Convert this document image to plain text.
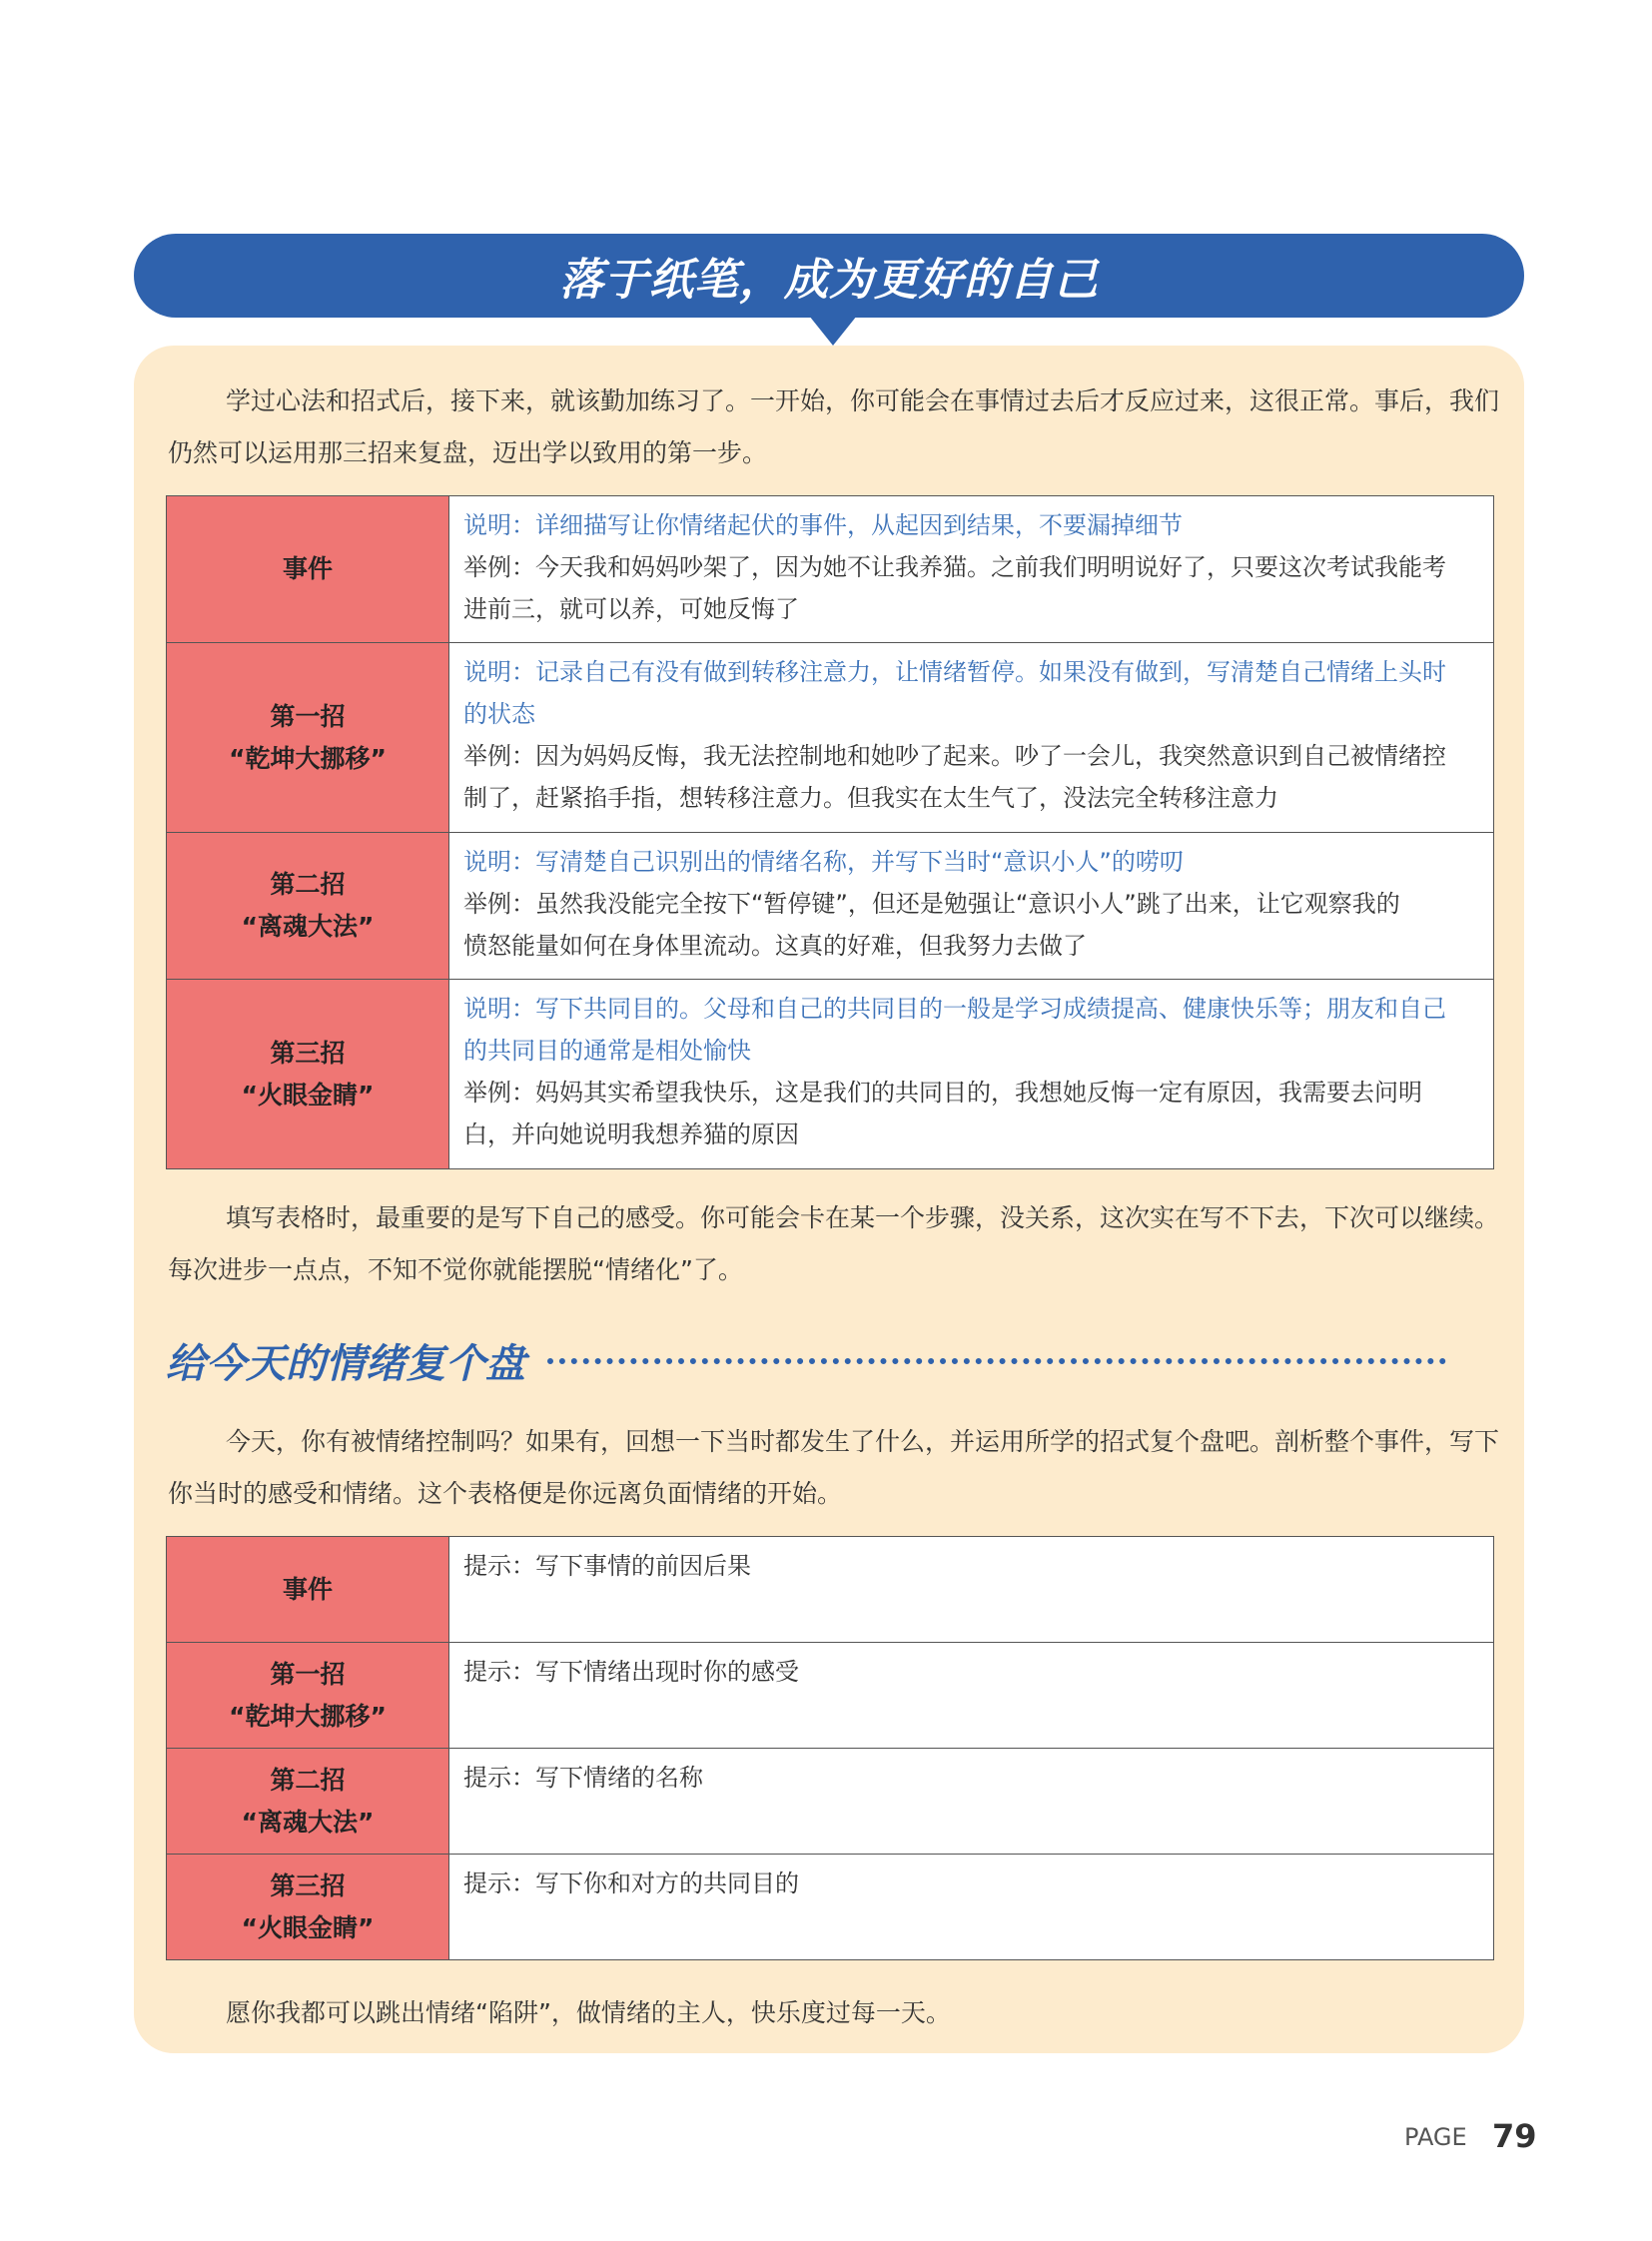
落于纸笔，成为更好的自己

学过心法和招式后，接下来，就该勤加练习了。一开始，你可能会在事情过去后才反应过来，这很正常。事后，我们仍然可以运用那三招来复盘，迈出学以致用的第一步。

事件	说明：详细描写让你情绪起伏的事件，从起因到结果，不要漏掉细节
举例：今天我和妈妈吵架了，因为她不让我养猫。之前我们明明说好了，只要这次考试我能考
进前三，就可以养，可她反悔了

第一招
“乾坤大挪移”	说明：记录自己有没有做到转移注意力，让情绪暂停。如果没有做到，写清楚自己情绪上头时
的状态
举例：因为妈妈反悔，我无法控制地和她吵了起来。吵了一会儿，我突然意识到自己被情绪控
制了，赶紧掐手指，想转移注意力。但我实在太生气了，没法完全转移注意力

第二招
“离魂大法”	说明：写清楚自己识别出的情绪名称，并写下当时“意识小人”的唠叨
举例：虽然我没能完全按下“暂停键”，但还是勉强让“意识小人”跳了出来，让它观察我的
愤怒能量如何在身体里流动。这真的好难，但我努力去做了

第三招
“火眼金睛”	说明：写下共同目的。父母和自己的共同目的一般是学习成绩提高、健康快乐等；朋友和自己
的共同目的通常是相处愉快
举例：妈妈其实希望我快乐，这是我们的共同目的，我想她反悔一定有原因，我需要去问明
白，并向她说明我想养猫的原因

填写表格时，最重要的是写下自己的感受。你可能会卡在某一个步骤，没关系，这次实在写不下去，下次可以继续。每次进步一点点，不知不觉你就能摆脱“情绪化”了。

给今天的情绪复个盘

今天，你有被情绪控制吗？如果有，回想一下当时都发生了什么，并运用所学的招式复个盘吧。剖析整个事件，写下你当时的感受和情绪。这个表格便是你远离负面情绪的开始。

事件	提示：写下事情的前因后果

第一招
“乾坤大挪移”	提示：写下情绪出现时你的感受

第二招
“离魂大法”	提示：写下情绪的名称

第三招
“火眼金睛”	提示：写下你和对方的共同目的

愿你我都可以跳出情绪“陷阱”，做情绪的主人，快乐度过每一天。

PAGE 79
